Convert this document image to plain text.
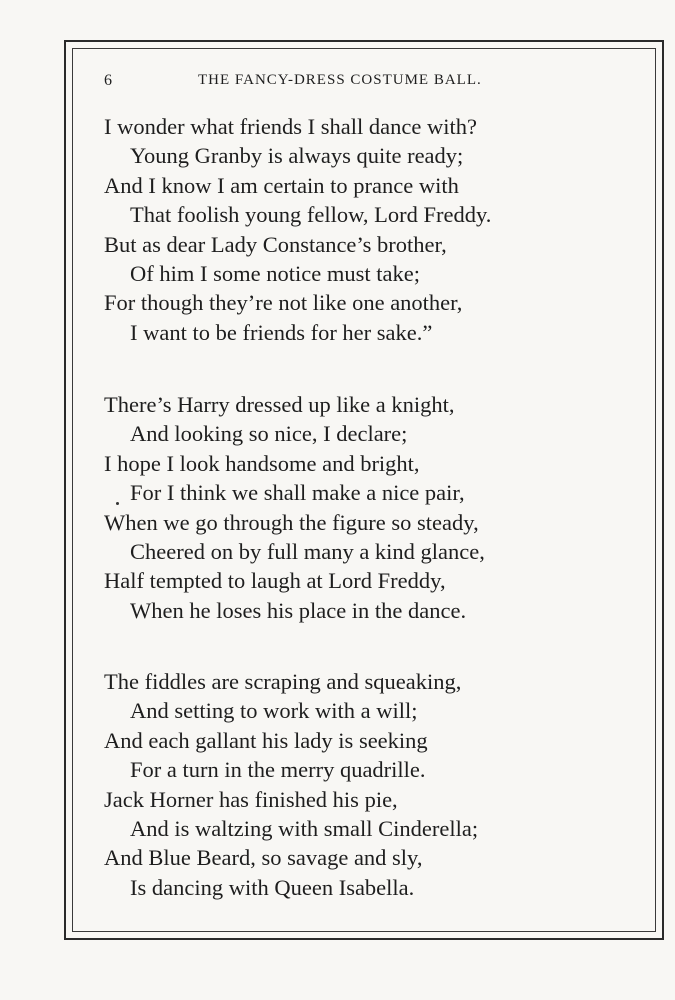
6	THE FANCY-DRESS COSTUME BALL.
I wonder what friends I shall dance with?
Young Granby is always quite ready;
And I know I am certain to prance with
That foolish young fellow, Lord Freddy.
But as dear Lady Constance’s brother,
Of him I some notice must take;
For though they’re not like one another,
I want to be friends for her sake.”
There’s Harry dressed up like a knight,
And looking so nice, I declare;
I hope I look handsome and bright,
For I think we shall make a nice pair,
When we go through the figure so steady,
Cheered on by full many a kind glance,
Half tempted to laugh at Lord Freddy,
When he loses his place in the dance.
The fiddles are scraping and squeaking,
And setting to work with a will;
And each gallant his lady is seeking
For a turn in the merry quadrille.
Jack Horner has finished his pie,
And is waltzing with small Cinderella;
And Blue Beard, so savage and sly,
Is dancing with Queen Isabella.
